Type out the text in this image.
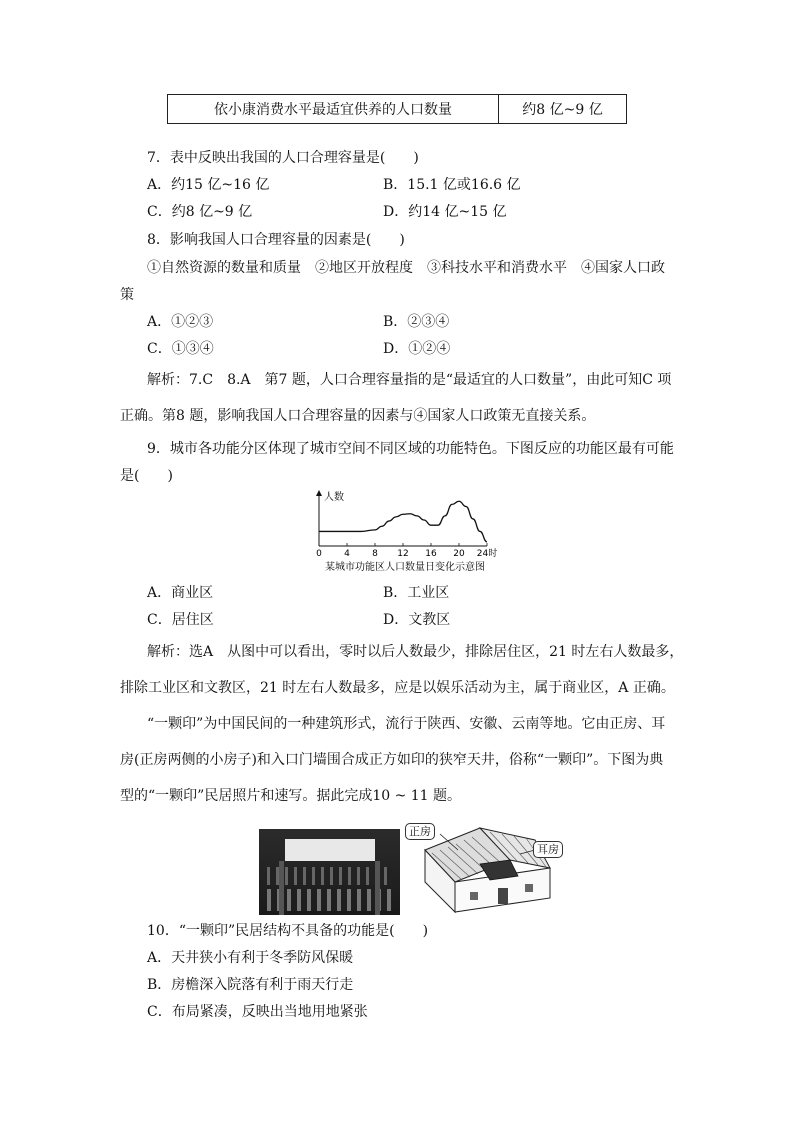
依小康消费水平最适宜供养的人口数量	约8 亿~9 亿
7．表中反映出我国的人口合理容量是(　　)
A．约15 亿~16 亿	B．15.1 亿或16.6 亿
C．约8 亿~9 亿	D．约14 亿~15 亿
8．影响我国人口合理容量的因素是(　　)
①自然资源的数量和质量　②地区开放程度　③科技水平和消费水平　④国家人口政
策
A．①②③	B．②③④
C．①③④	D．①②④
解析：7.C　8.A　第7 题，人口合理容量指的是“最适宜的人口数量”，由此可知C 项
正确。第8 题，影响我国人口合理容量的因素与④国家人口政策无直接关系。
9．城市各功能分区体现了城市空间不同区域的功能特色。下图反应的功能区最有可能
是(　　)
0 4 8 12 16 20 24时
人数
某城市功能区人口数量日变化示意图
A．商业区	B．工业区
C．居住区	D．文教区
解析：选A　从图中可以看出，零时以后人数最少，排除居住区，21 时左右人数最多，
排除工业区和文教区，21 时左右人数最多，应是以娱乐活动为主，属于商业区，A 正确。
“一颗印”为中国民间的一种建筑形式，流行于陕西、安徽、云南等地。它由正房、耳
房(正房两侧的小房子)和入口门墙围合成正方如印的狭窄天井，俗称“一颗印”。下图为典
型的“一颗印”民居照片和速写。据此完成10 ~ 11 题。
正房
耳房
10．“一颗印”民居结构不具备的功能是(　　)
A．天井狭小有利于冬季防风保暖
B．房檐深入院落有利于雨天行走
C．布局紧凑，反映出当地用地紧张
